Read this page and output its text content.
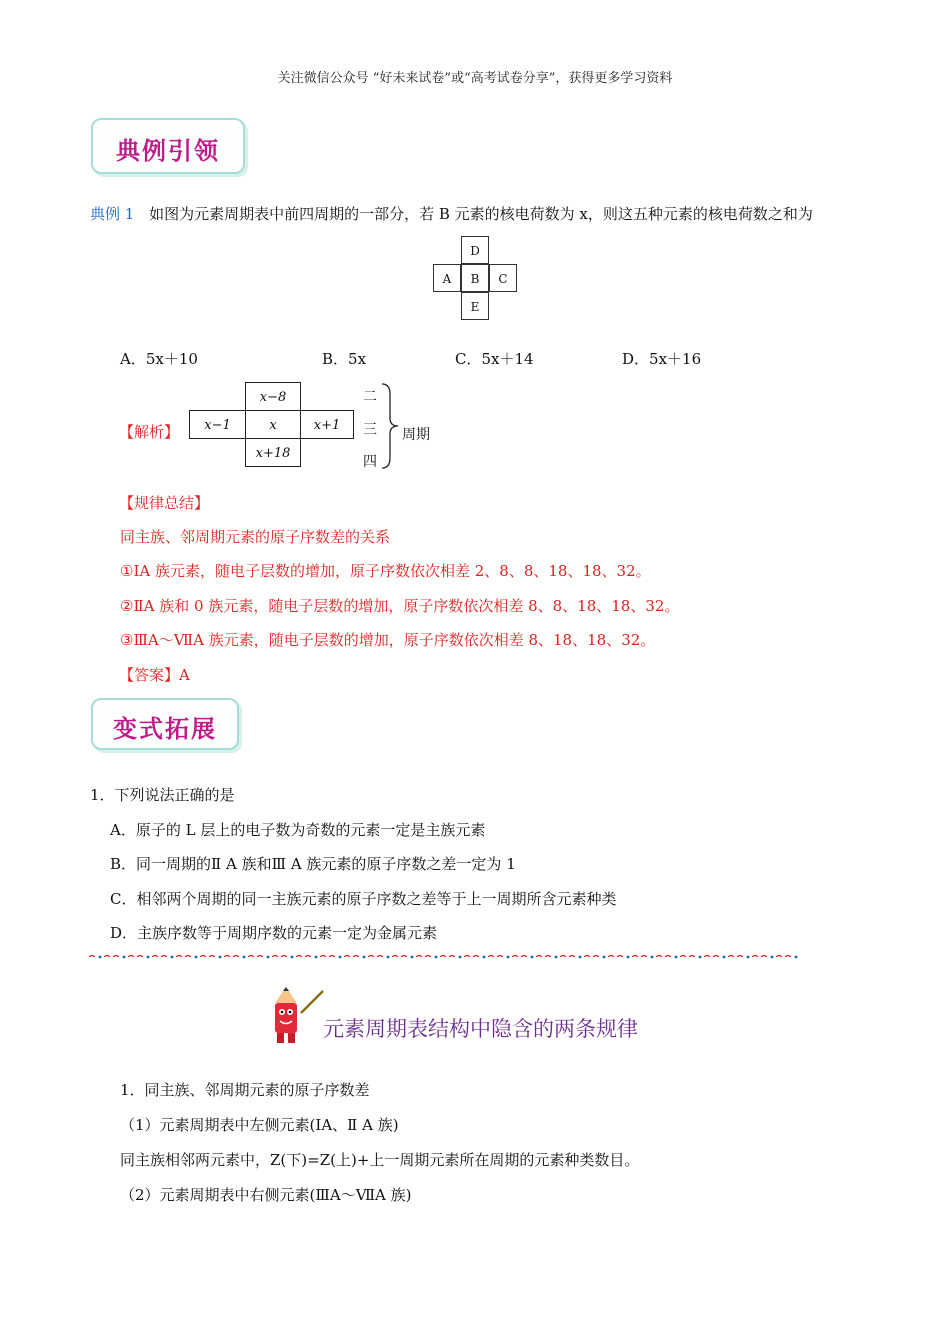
关注微信公众号 “好未来试卷”或“高考试卷分享”，获得更多学习资料
典例引领
典例 1 如图为元素周期表中前四周期的一部分，若 B 元素的核电荷数为 x，则这五种元素的核电荷数之和为
D
A	B	C
E
A．5x＋10	B．5x	C．5x＋14	D．5x＋16
【解析】
x−8
x−1	x	x+1
x+18
二
三
四
周期
【规律总结】
同主族、邻周期元素的原子序数差的关系
①ⅠA 族元素，随电子层数的增加，原子序数依次相差 2、8、8、18、18、32。
②ⅡA 族和 0 族元素，随电子层数的增加，原子序数依次相差 8、8、18、18、32。
③ⅢA～ⅦA 族元素，随电子层数的增加，原子序数依次相差 8、18、18、32。
【答案】A
变式拓展
1．下列说法正确的是
A．原子的 L 层上的电子数为奇数的元素一定是主族元素
B．同一周期的Ⅱ A 族和Ⅲ A 族元素的原子序数之差一定为 1
C．相邻两个周期的同一主族元素的原子序数之差等于上一周期所含元素种类
D．主族序数等于周期序数的元素一定为金属元素
元素周期表结构中隐含的两条规律
1．同主族、邻周期元素的原子序数差
（1）元素周期表中左侧元素(ⅠA、Ⅱ A 族)
同主族相邻两元素中，Z(下)=Z(上)+上一周期元素所在周期的元素种类数目。
（2）元素周期表中右侧元素(ⅢA～ⅦA 族)
